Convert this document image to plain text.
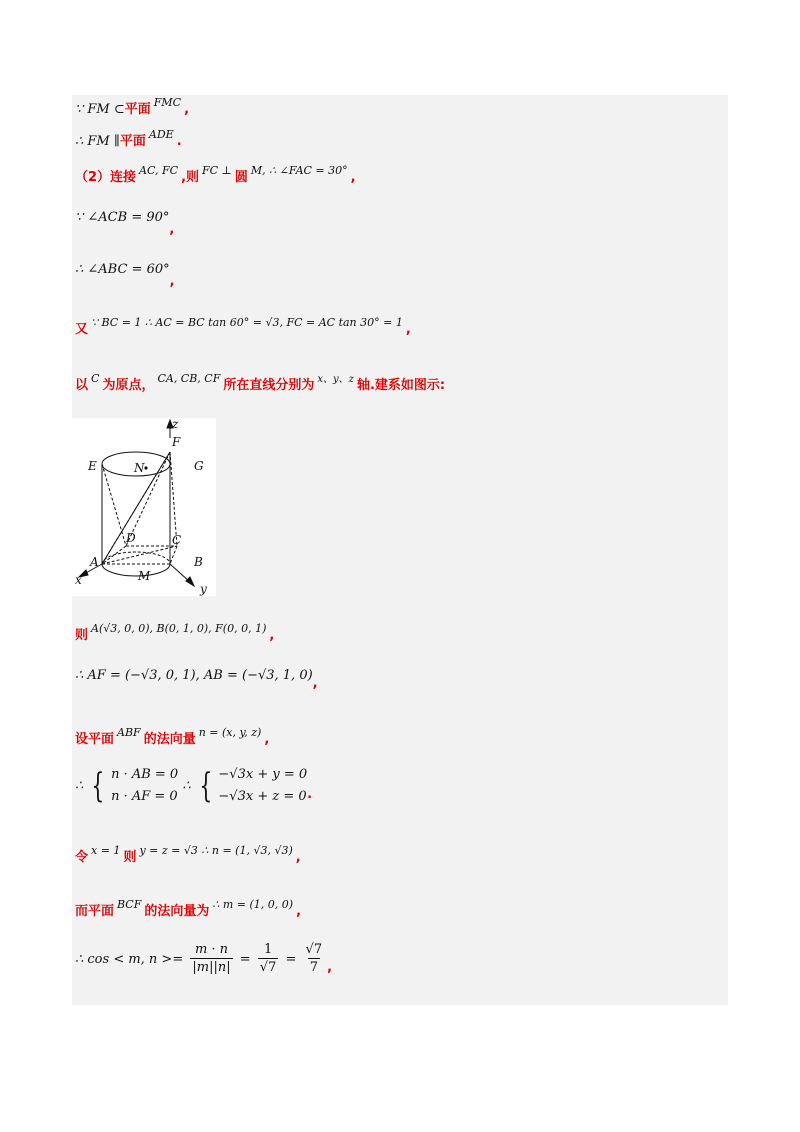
∵ FM ⊂平面 $^{FMC}$ ,
∴ FM ∥平面 $^{ADE}$ .
（2）连接 $^{AC, FC}$ ,则 $^{FC \perp}$ 圆 $^{M, \therefore \angle FAC = 30^\circ}$ ,
∵ ∠ACB = 90°,
∴ ∠ABC = 60°,
又 $^{\because BC = 1 \therefore AC = BC tan 60^\circ = √3, FC = AC tan 30^\circ = 1}$ ,
以 $^C$ 为原点， $^{CA, CB, CF}$ 所在直线分别为 $^{x、y、z}$ 轴.建系如图示:
z
F
E	N	G
D	C
A	B
M
x
y
则 $^{A(√3, 0, 0), B(0, 1, 0), F(0, 0, 1)}$ ,
∴ AF = (−√3, 0, 1), AB = (−√3, 1, 0),
设平面 $^{ABF}$ 的法向量 $^{n = (x, y, z)}$ ,
∴ { n · AB = 0
n · AF = 0
∴ { −√3x + y = 0
−√3x + z = 0 .
令 $^{x = 1}$ 则 $^{y = z = √3 \therefore n = (1, √3, √3)}$ ,
而平面 $^{BCF}$ 的法向量为 $^{\therefore m = (1, 0, 0)}$ ,
∴ cos < m, $n >= \frac{m \cdot n}{|m||n|} = \frac{1}{√7} = \frac{√7}{7}$ ,
